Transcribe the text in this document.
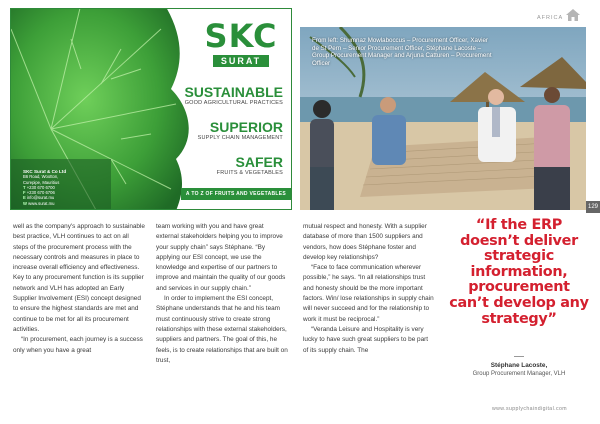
SKC
SURAT
SUSTAINABLE
GOOD AGRICULTURAL PRACTICES
SUPERIOR
SUPPLY CHAIN MANAGEMENT
SAFER
FRUITS & VEGETABLES
SKC Surat & Co Ltd
B6 Road, Wootton,
Curepipe, Mauritius
T +230 670 6700
F +230 670 6706
E info@surat.mu
W www.surat.mu
A TO Z OF FRUITS AND VEGETABLES
AFRICA
From left: Shumnaz Mowlaboccus – Procurement Officer, Xavier de St Pern – Senior Procurement Officer, Stéphane Lacoste – Group Procurement Manager and Arjuna Catturen – Procurement Officer
129

well as the company's approach to sustainable best practice, VLH continues to act on all steps of the procurement process with the necessary controls and measures in place to increase overall efficiency and effectiveness. Key to any procurement function is its supplier network and VLH has adopted an Early Supplier Involvement (ESI) concept designed to ensure the highest standards are met and continue to be met for all its procurement activities.

“In procurement, each journey is a success only when you have a great

team working with you and have great external stakeholders helping you to improve your supply chain” says Stéphane. “By applying our ESI concept, we use the knowledge and expertise of our partners to improve and maintain the quality of our goods and services in our supply chain.”

In order to implement the ESI concept, Stéphane understands that he and his team must continuously strive to create strong relationships with these external stakeholders, suppliers and partners. The goal of this, he feels, is to create relationships that are built on trust,

mutual respect and honesty. With a supplier database of more than 1500 suppliers and vendors, how does Stéphane foster and develop key relationships?

“Face to face communication wherever possible,” he says. “In all relationships trust and honesty should be the more important factors. Win/ lose relationships in supply chain will never succeed and for the relationship to work it must be reciprocal.”

“Veranda Leisure and Hospitality is very lucky to have such great suppliers to be part of its supply chain. The

“If the ERP doesn’t deliver strategic information, procurement can’t develop any strategy”
Stéphane Lacoste,
Group Procurement Manager, VLH
www.supplychaindigital.com
